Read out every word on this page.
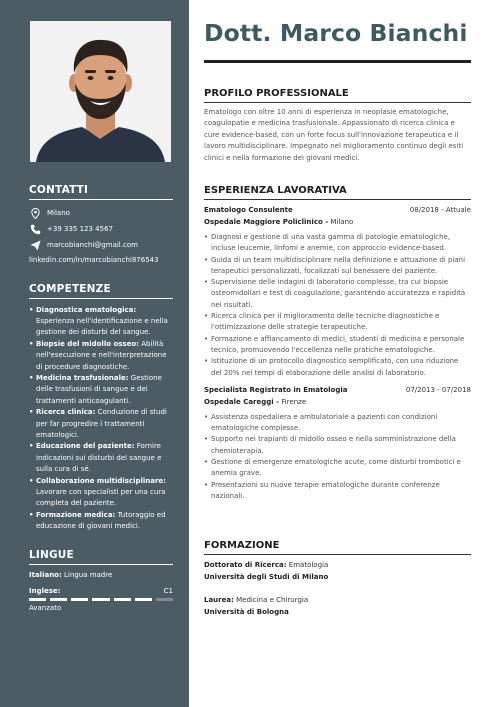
CONTATTI
Milano
+39 335 123 4567
marcobianchi@gmail.com
linkedin.com/in/marcobianchi876543
COMPETENZE
• Diagnostica ematologica: Esperienza nell'identificazione e nella gestione dei disturbi del sangue.
• Biopsie del midollo osseo: Abilità nell'esecuzione e nell'interpretazione di procedure diagnostiche.
• Medicina trasfusionale: Gestione delle trasfusioni di sangue e dei trattamenti anticoagulanti.
• Ricerca clinica: Conduzione di studi per far progredire i trattamenti ematologici.
• Educazione del paziente: Fornire indicazioni sui disturbi del sangue e sulla cura di sé.
• Collaborazione multidisciplinare: Lavorare con specialisti per una cura completa del paziente.
• Formazione medica: Tutoraggio ed educazione di giovani medici.
LINGUE
Italiano: Lingua madre
Inglese:	C1
Avanzato
Dott. Marco Bianchi
PROFILO PROFESSIONALE
Ematologo con oltre 10 anni di esperienza in neoplasie ematologiche, coagulopatie e medicina trasfusionale. Appassionato di ricerca clinica e cure evidence-based, con un forte focus sull'innovazione terapeutica e il lavoro multidisciplinare. Impegnato nel miglioramento continuo degli esiti clinici e nella formazione dei giovani medici.
ESPERIENZA LAVORATIVA
Ematologo Consulente	08/2018 - Attuale
Ospedale Maggiore Policlinico - Milano
• Diagnosi e gestione di una vasta gamma di patologie ematologiche, incluse leucemie, linfomi e anemie, con approccio evidence-based.
• Guida di un team multidisciplinare nella definizione e attuazione di piani terapeutici personalizzati, focalizzati sul benessere del paziente.
• Supervisione delle indagini di laboratorio complesse, tra cui biopsie osteomidollari e test di coagulazione, garantendo accuratezza e rapidità nei risultati.
• Ricerca clinica per il miglioramento delle tecniche diagnostiche e l'ottimizzazione delle strategie terapeutiche.
• Formazione e affiancamento di medici, studenti di medicina e personale tecnico, promuovendo l'eccellenza nelle pratiche ematologiche.
• Istituzione di un protocollo diagnostico semplificato, con una riduzione del 20% nei tempi di elaborazione delle analisi di laboratorio.
Specialista Registrato in Ematologia	07/2013 - 07/2018
Ospedale Careggi - Firenze
• Assistenza ospedaliera e ambulatoriale a pazienti con condizioni ematologiche complesse.
• Supporto nei trapianti di midollo osseo e nella somministrazione della chemioterapia.
• Gestione di emergenze ematologiche acute, come disturbi trombotici e anemia grave.
• Presentazioni su nuove terapie ematologiche durante conferenze nazionali.
FORMAZIONE
Dottorato di Ricerca: Ematologia
Università degli Studi di Milano
Laurea: Medicina e Chirurgia
Università di Bologna
